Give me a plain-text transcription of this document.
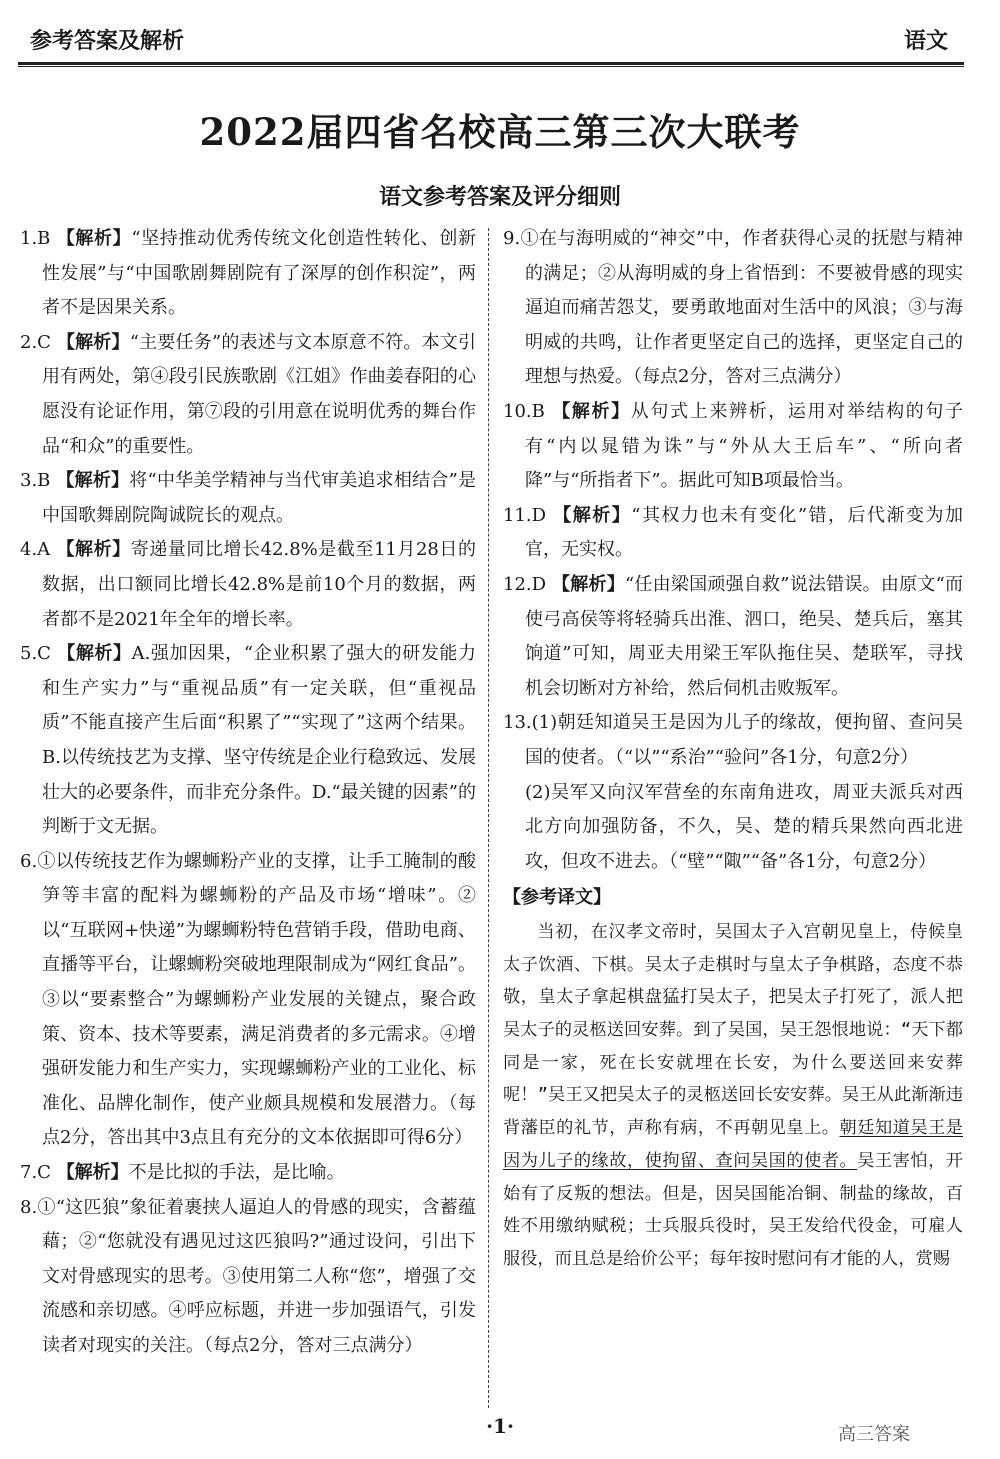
参考答案及解析	语文
2022届四省名校高三第三次大联考
语文参考答案及评分细则

1.B 【解析】“坚持推动优秀传统文化创造性转化、创新性发展”与“中国歌剧舞剧院有了深厚的创作积淀”，两者不是因果关系。

2.C 【解析】“主要任务”的表述与文本原意不符。本文引用有两处，第④段引民族歌剧《江姐》作曲姜春阳的心愿没有论证作用，第⑦段的引用意在说明优秀的舞台作品“和众”的重要性。

3.B 【解析】将“中华美学精神与当代审美追求相结合”是中国歌舞剧院陶诚院长的观点。

4.A 【解析】寄递量同比增长42.8%是截至11月28日的数据，出口额同比增长42.8%是前10个月的数据，两者都不是2021年全年的增长率。

5.C 【解析】A.强加因果，“企业积累了强大的研发能力和生产实力”与“重视品质”有一定关联，但“重视品质”不能直接产生后面“积累了”“实现了”这两个结果。B.以传统技艺为支撑、坚守传统是企业行稳致远、发展壮大的必要条件，而非充分条件。D.“最关键的因素”的判断于文无据。

6.①以传统技艺作为螺蛳粉产业的支撑，让手工腌制的酸笋等丰富的配料为螺蛳粉的产品及市场“增味”。②以“互联网+快递”为螺蛳粉特色营销手段，借助电商、直播等平台，让螺蛳粉突破地理限制成为“网红食品”。③以“要素整合”为螺蛳粉产业发展的关键点，聚合政策、资本、技术等要素，满足消费者的多元需求。④增强研发能力和生产实力，实现螺蛳粉产业的工业化、标准化、品牌化制作，使产业颇具规模和发展潜力。（每点2分，答出其中3点且有充分的文本依据即可得6分）

7.C 【解析】不是比拟的手法，是比喻。

8.①“这匹狼”象征着裹挟人逼迫人的骨感的现实，含蓄蕴藉；②“您就没有遇见过这匹狼吗?”通过设问，引出下文对骨感现实的思考。③使用第二人称“您”，增强了交流感和亲切感。④呼应标题，并进一步加强语气，引发读者对现实的关注。（每点2分，答对三点满分）

9.①在与海明威的“神交”中，作者获得心灵的抚慰与精神的满足；②从海明威的身上省悟到：不要被骨感的现实逼迫而痛苦怨艾，要勇敢地面对生活中的风浪；③与海明威的共鸣，让作者更坚定自己的选择，更坚定自己的理想与热爱。（每点2分，答对三点满分）

10.B 【解析】从句式上来辨析，运用对举结构的句子有“内以晁错为诛”与“外从大王后车”、“所向者降”与“所指者下”。据此可知B项最恰当。

11.D 【解析】“其权力也未有变化”错，后代渐变为加官，无实权。

12.D 【解析】“任由梁国顽强自救”说法错误。由原文“而使弓高侯等将轻骑兵出淮、泗口，绝吴、楚兵后，塞其饷道”可知，周亚夫用梁王军队拖住吴、楚联军，寻找机会切断对方补给，然后伺机击败叛军。

13.(1)朝廷知道吴王是因为儿子的缘故，便拘留、查问吴国的使者。（“以”“系治”“验问”各1分，句意2分）

(2)吴军又向汉军营垒的东南角进攻，周亚夫派兵对西北方向加强防备，不久，吴、楚的精兵果然向西北进攻，但攻不进去。（“壁”“陬”“备”各1分，句意2分）

【参考译文】

当初，在汉孝文帝时，吴国太子入宫朝见皇上，侍候皇太子饮酒、下棋。吴太子走棋时与皇太子争棋路，态度不恭敬，皇太子拿起棋盘猛打吴太子，把吴太子打死了，派人把吴太子的灵柩送回安葬。到了吴国，吴王怨恨地说：“天下都同是一家，死在长安就埋在长安，为什么要送回来安葬呢！”吴王又把吴太子的灵柩送回长安安葬。吴王从此渐渐违背藩臣的礼节，声称有病，不再朝见皇上。朝廷知道吴王是因为儿子的缘故，使拘留、查问吴国的使者。吴王害怕，开始有了反叛的想法。但是，因吴国能冶铜、制盐的缘故，百姓不用缴纳赋税；士兵服兵役时，吴王发给代役金，可雇人服役，而且总是给价公平；每年按时慰问有才能的人，赏赐

·1·	高三答案
